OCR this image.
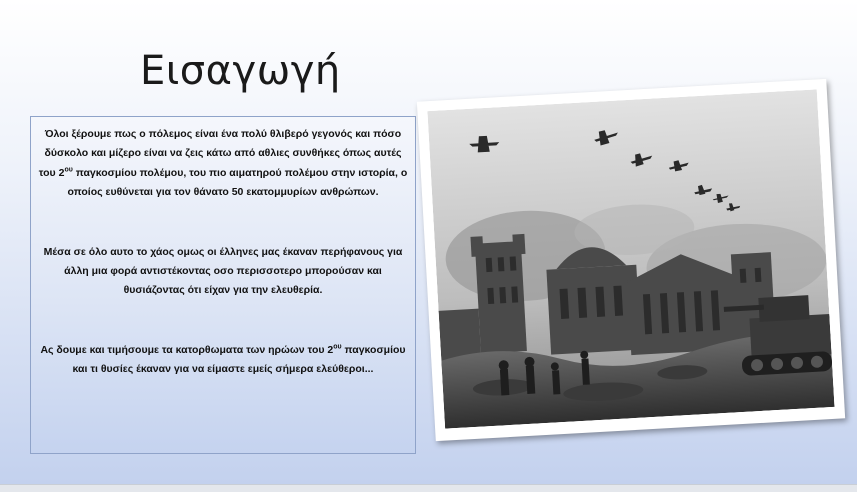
Εισαγωγή

Όλοι ξέρουμε πως ο πόλεμος είναι ένα πολύ θλιβερό γεγονός και πόσο δύσκολο και μίζερο είναι να ζεις κάτω από αθλιες συνθήκες όπως αυτές του $2^{o\upsilon}$ παγκοσμίου πολέμου, του πιο αιματηρού πολέμου στην ιστορία, ο οποίος ευθύνεται για τον θάνατο 50 εκατομμυρίων ανθρώπων.

Μέσα σε όλο αυτο το χάος ομως οι έλληνες μας έκαναν περήφανους για άλλη μια φορά αντιστέκοντας οσο περισσοτερο μπορούσαν και θυσιάζοντας ότι είχαν για την ελευθερία.

Ας δουμε και τιμήσουμε τα κατορθωματα των ηρώων του $2^{o\upsilon}$ παγκοσμίου και τι θυσίες έκαναν για να είμαστε εμείς σήμερα ελεύθεροι...
